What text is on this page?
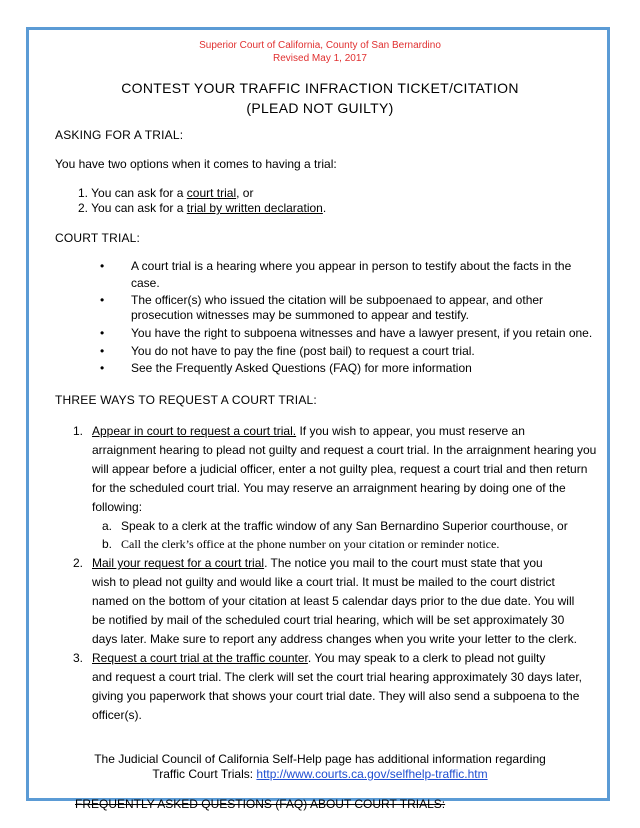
Superior Court of California, County of San Bernardino
Revised May 1, 2017
CONTEST YOUR TRAFFIC INFRACTION TICKET/CITATION
(PLEAD NOT GUILTY)
ASKING FOR A TRIAL:
You have two options when it comes to having a trial:
1. You can ask for a court trial, or
2. You can ask for a trial by written declaration.
COURT TRIAL:
• A court trial is a hearing where you appear in person to testify about the facts in the
case.
• The officer(s) who issued the citation will be subpoenaed to appear, and other
prosecution witnesses may be summoned to appear and testify.
• You have the right to subpoena witnesses and have a lawyer present, if you retain one.
• You do not have to pay the fine (post bail) to request a court trial.
• See the Frequently Asked Questions (FAQ) for more information
THREE WAYS TO REQUEST A COURT TRIAL:
1. Appear in court to request a court trial. If you wish to appear, you must reserve an
arraignment hearing to plead not guilty and request a court trial. In the arraignment hearing you
will appear before a judicial officer, enter a not guilty plea, request a court trial and then return
for the scheduled court trial. You may reserve an arraignment hearing by doing one of the
following:
a. Speak to a clerk at the traffic window of any San Bernardino Superior courthouse, or
b. Call the clerk’s office at the phone number on your citation or reminder notice.
2. Mail your request for a court trial. The notice you mail to the court must state that you
wish to plead not guilty and would like a court trial. It must be mailed to the court district
named on the bottom of your citation at least 5 calendar days prior to the due date. You will
be notified by mail of the scheduled court trial hearing, which will be set approximately 30
days later. Make sure to report any address changes when you write your letter to the clerk.
3. Request a court trial at the traffic counter. You may speak to a clerk to plead not guilty
and request a court trial. The clerk will set the court trial hearing approximately 30 days later,
giving you paperwork that shows your court trial date. They will also send a subpoena to the
officer(s).
The Judicial Council of California Self-Help page has additional information regarding
Traffic Court Trials: http://www.courts.ca.gov/selfhelp-traffic.htm
FREQUENTLY ASKED QUESTIONS (FAQ) ABOUT COURT TRIALS:
